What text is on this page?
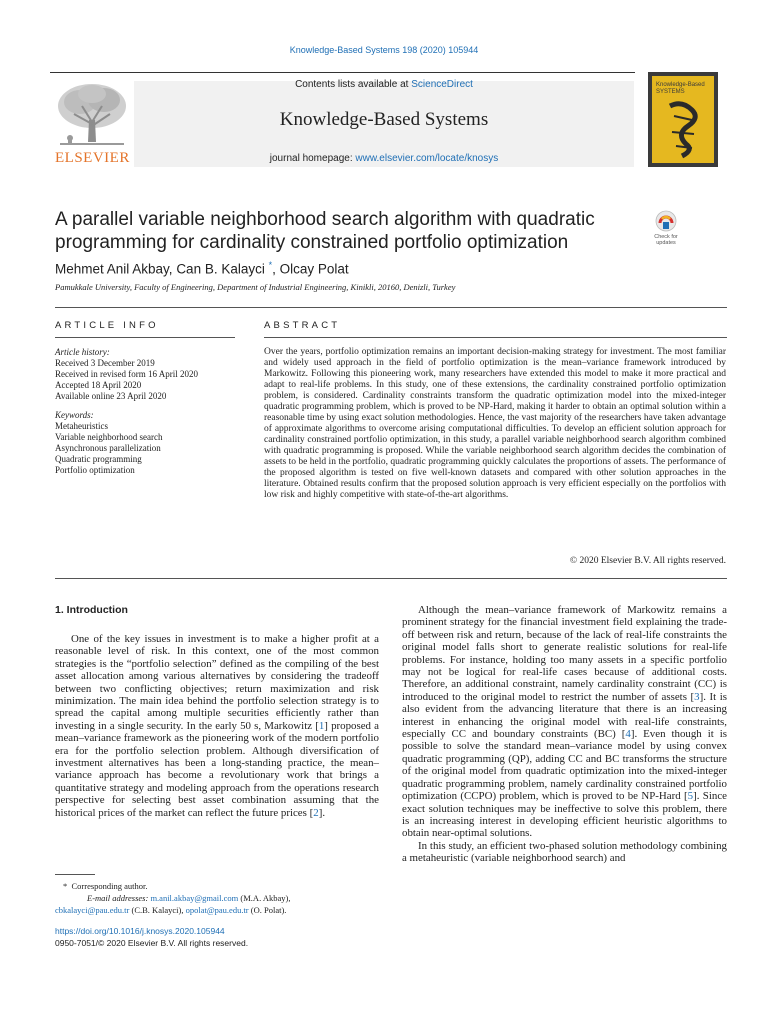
Knowledge-Based Systems 198 (2020) 105944
Contents lists available at ScienceDirect
Knowledge-Based Systems
journal homepage: www.elsevier.com/locate/knosys
ELSEVIER
Knowledge-Based SYSTEMS
A parallel variable neighborhood search algorithm with quadratic
programming for cardinality constrained portfolio optimization	Check for updates
Mehmet Anil Akbay, Can B. Kalayci *, Olcay Polat
Pamukkale University, Faculty of Engineering, Department of Industrial Engineering, Kinikli, 20160, Denizli, Turkey
ARTICLE INFO
Article history:
Received 3 December 2019
Received in revised form 16 April 2020
Accepted 18 April 2020
Available online 23 April 2020
Keywords:
Metaheuristics
Variable neighborhood search
Asynchronous parallelization
Quadratic programming
Portfolio optimization
ABSTRACT
Over the years, portfolio optimization remains an important decision-making strategy for investment. The most familiar and widely used approach in the field of portfolio optimization is the mean–variance framework introduced by Markowitz. Following this pioneering work, many researchers have extended this model to make it more practical and adapt to real-life problems. In this study, one of these extensions, the cardinality constrained portfolio optimization problem, is considered. Cardinality constraints transform the quadratic optimization model into the mixed-integer quadratic programming problem, which is proved to be NP-Hard, making it harder to obtain an optimal solution within a reasonable time by using exact solution methodologies. Hence, the vast majority of the researchers have taken advantage of approximate algorithms to overcome arising computational difficulties. To develop an efficient solution approach for cardinality constrained portfolio optimization, in this study, a parallel variable neighborhood search algorithm combined with quadratic programming is proposed. While the variable neighborhood search algorithm decides the combination of assets to be held in the portfolio, quadratic programming quickly calculates the proportions of assets. The performance of the proposed algorithm is tested on five well-known datasets and compared with other solution approaches in the literature. Obtained results confirm that the proposed solution approach is very efficient especially on the portfolios with low risk and highly competitive with state-of-the-art algorithms.
© 2020 Elsevier B.V. All rights reserved.
1. Introduction

One of the key issues in investment is to make a higher profit at a reasonable level of risk. In this context, one of the most common strategies is the “portfolio selection” defined as the compiling of the best asset allocation among various alternatives by considering the tradeoff between two conflicting objectives; return maximization and risk minimization. The main idea behind the portfolio selection strategy is to spread the capital among multiple securities efficiently rather than investing in a single security. In the early 50 s, Markowitz [1] proposed a mean–variance framework as the pioneering work of the modern portfolio era for the portfolio selection problem. Although diversification of investment alternatives has been a long-standing practice, the mean–variance approach has become a revolutionary work that brings a quantitative strategy and modeling approach from the operations research perspective for selecting best asset combination assuming that the historical prices of the market can reflect the future prices [2].

Although the mean–variance framework of Markowitz remains a prominent strategy for the financial investment field explaining the trade-off between risk and return, because of the lack of real-life constraints the original model falls short to generate realistic solutions for real-life problems. For instance, holding too many assets in a specific portfolio may not be logical for real-life cases because of additional costs. Therefore, an additional constraint, namely cardinality constraint (CC) is introduced to the original model to restrict the number of assets [3]. It is also evident from the advancing literature that there is an increasing interest in enhancing the original model with real-life constraints, especially CC and boundary constraints (BC) [4]. Even though it is possible to solve the standard mean–variance model by using convex quadratic programming (QP), adding CC and BC transforms the structure of the original model from quadratic optimization into the mixed-integer quadratic programming problem, namely cardinality constrained portfolio optimization (CCPO) problem, which is proved to be NP-Hard [5]. Since exact solution techniques may be ineffective to solve this problem, there is an increasing interest in developing efficient heuristic algorithms to obtain near-optimal solutions.

In this study, an efficient two-phased solution methodology combining a metaheuristic (variable neighborhood search) and

* Corresponding author.
E-mail addresses: m.anil.akbay@gmail.com (M.A. Akbay),
cbkalayci@pau.edu.tr (C.B. Kalayci), opolat@pau.edu.tr (O. Polat).
https://doi.org/10.1016/j.knosys.2020.105944
0950-7051/© 2020 Elsevier B.V. All rights reserved.
